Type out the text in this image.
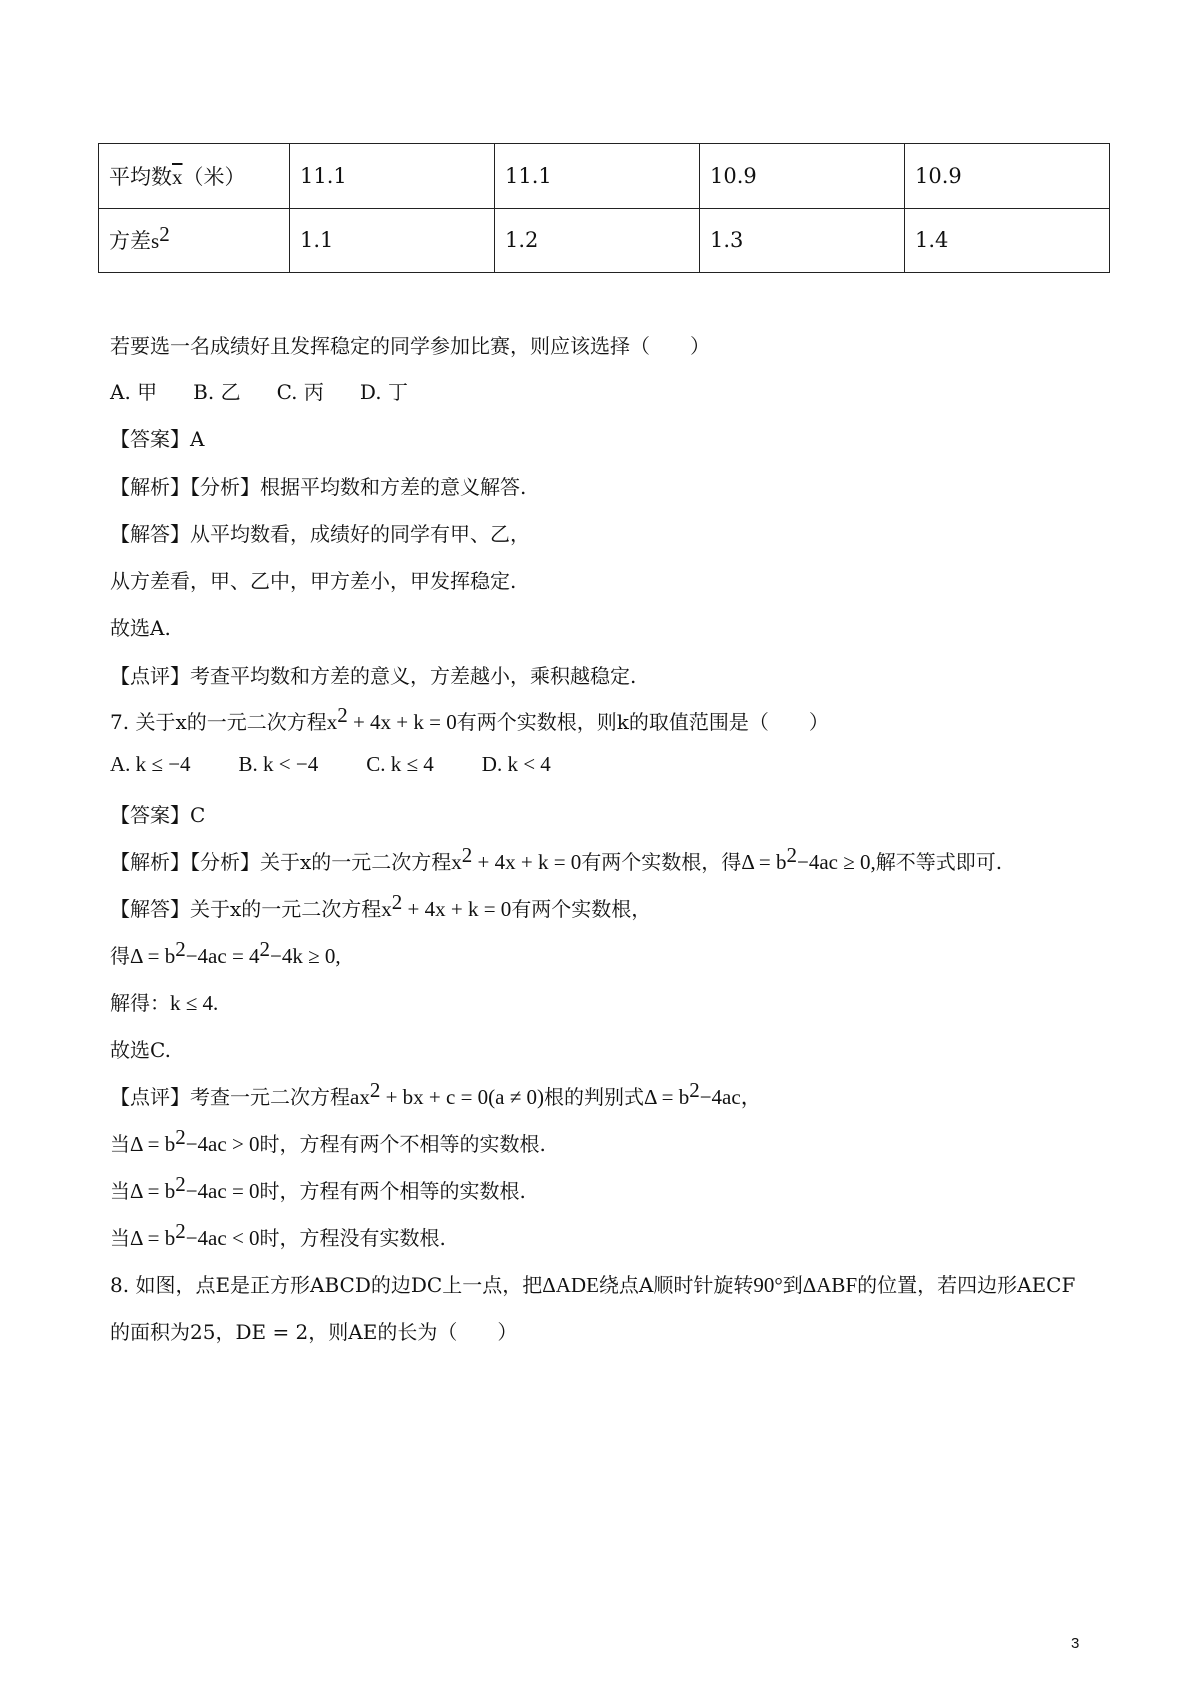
平均数$\overline{x}$（米）	11.1	11.1	10.9	10.9
方差$s^2$	1.1	1.2	1.3	1.4
若要选一名成绩好且发挥稳定的同学参加比赛，则应该选择（　　）
A. 甲 B. 乙 C. 丙 D. 丁
【答案】A
【解析】【分析】根据平均数和方差的意义解答.
【解答】从平均数看，成绩好的同学有甲、乙，
从方差看，甲、乙中，甲方差小，甲发挥稳定.
故选A.
【点评】考查平均数和方差的意义，方差越小，乘积越稳定.
7. 关于x的一元二次方程$x^2 + 4x + k = 0$有两个实数根，则k的取值范围是（　　）
A. k ≤ −4 B. k < −4 C. k ≤ 4 D. k < 4
【答案】C
【解析】【分析】关于x的一元二次方程$x^2 + 4x + k = 0$有两个实数根，得$\Delta = b^2-4ac \ge 0$,解不等式即可.
【解答】关于x的一元二次方程$x^2 + 4x + k = 0$有两个实数根，
得$\Delta = b^2-4ac = 4^2-4k \ge 0$,
解得：k ≤ 4.
故选C.
【点评】考查一元二次方程$ax^2$ + bx + c = 0(a ≠ 0)根的判别式$\Delta = b^2-4ac$，
当$\Delta = b^2-4ac > 0$时，方程有两个不相等的实数根.
当$\Delta = b^2-4ac = 0$时，方程有两个相等的实数根.
当$\Delta = b^2-4ac < 0$时，方程没有实数根.
8. 如图，点E是正方形ABCD的边DC上一点，把ΔADE绕点A顺时针旋转90°到ΔABF的位置，若四边形AECF
的面积为25，DE = 2，则AE的长为（　　）
3
